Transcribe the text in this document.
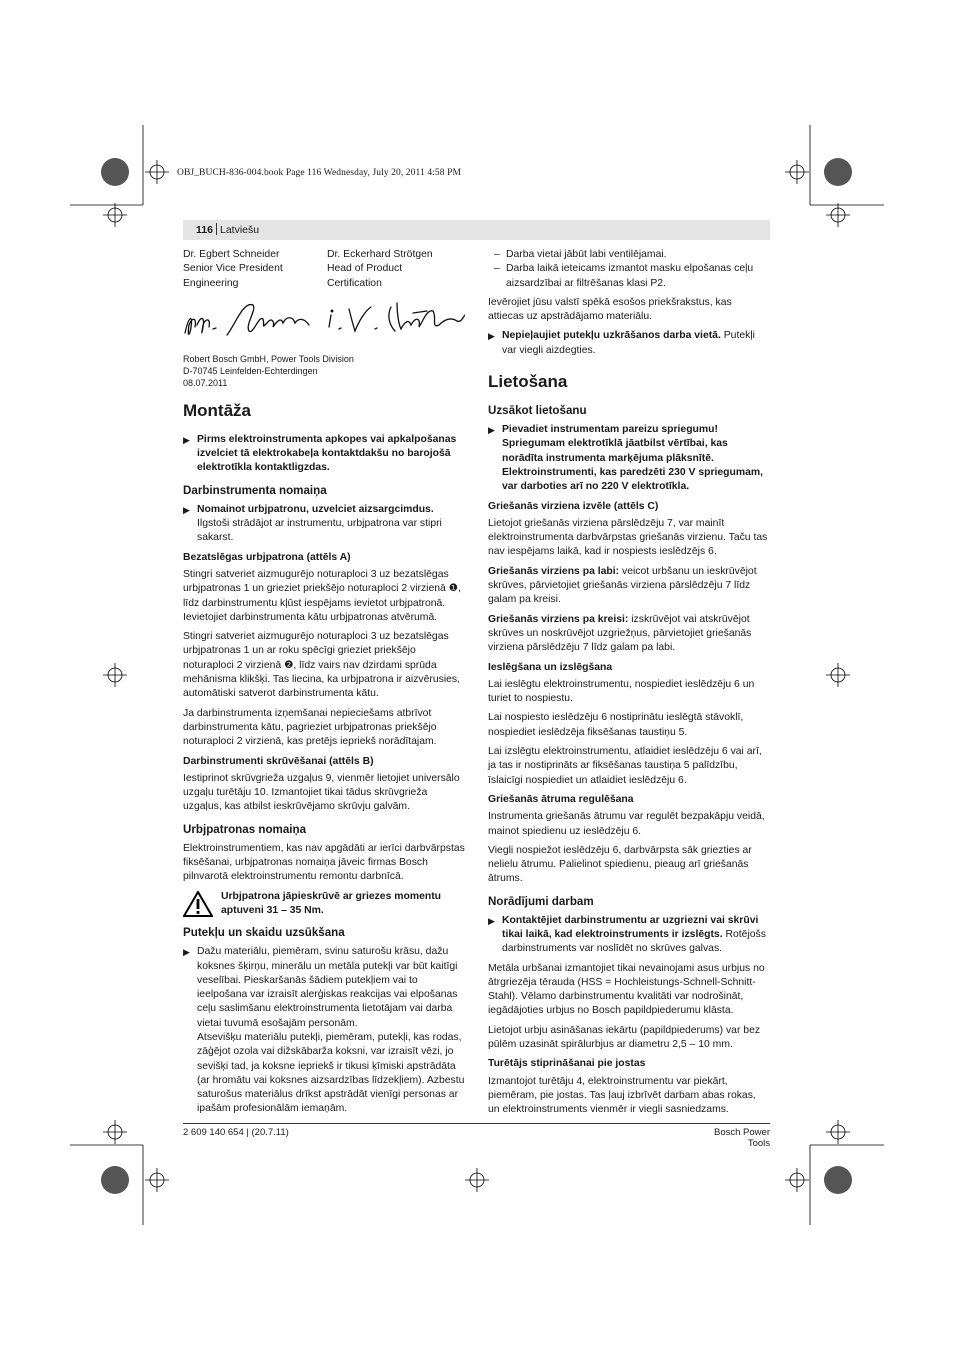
OBJ_BUCH-836-004.book Page 116 Wednesday, July 20, 2011 4:58 PM
116 Latviešu
Dr. Egbert Schneider
Senior Vice President
Engineering
Dr. Eckerhard Strötgen
Head of Product
Certification
Robert Bosch GmbH, Power Tools Division
D-70745 Leinfelden-Echterdingen
08.07.2011
Montāža
▶ Pirms elektroinstrumenta apkopes vai apkalpošanas izvelciet tā elektrokabeļa kontaktdakšu no barojošā elektrotīkla kontaktligzdas.
Darbinstrumenta nomaiņa
▶ Nomainot urbjpatronu, uzvelciet aizsargcimdus. Ilgstoši strādājot ar instrumentu, urbjpatrona var stipri sakarst.
Bezatslēgas urbjpatrona (attēls A)

Stingri satveriet aizmugurējo noturaploci 3 uz bezatslēgas urbjpatronas 1 un grieziet priekšējo noturaploci 2 virzienā ❶, līdz darbinstrumentu kļūst iespējams ievietot urbjpatronā. Ievietojiet darbinstrumenta kātu urbjpatronas atvērumā.

Stingri satveriet aizmugurējo noturaploci 3 uz bezatslēgas urbjpatronas 1 un ar roku spēcīgi grieziet priekšējo noturaploci 2 virzienā ❷, līdz vairs nav dzirdami sprūda mehānisma klikšķi. Tas liecina, ka urbjpatrona ir aizvērusies, automātiski satverot darbinstrumenta kātu.

Ja darbinstrumenta izņemšanai nepieciešams atbrīvot darbinstrumenta kātu, pagrieziet urbjpatronas priekšējo noturaploci 2 virzienā, kas pretējs iepriekš norādītajam.

Darbinstrumenti skrūvēšanai (attēls B)

Iestiprinot skrūvgrieža uzgaļus 9, vienmēr lietojiet universālo uzgaļu turētāju 10. Izmantojiet tikai tādus skrūvgrieža uzgaļus, kas atbilst ieskrūvējamo skrūvju galvām.

Urbjpatronas nomaiņa

Elektroinstrumentiem, kas nav apgādāti ar ierīci darbvārpstas fiksēšanai, urbjpatronas nomaiņa jāveic firmas Bosch pilnvarotā elektroinstrumentu remontu darbnīcā.

Urbjpatrona jāpieskrūvē ar griezes momentu aptuveni 31 – 35 Nm.
Putekļu un skaidu uzsūkšana
▶ Dažu materiālu, piemēram, svinu saturošu krāsu, dažu koksnes šķirņu, minerālu un metāla putekļi var būt kaitīgi veselībai. Pieskaršanās šādiem putekļiem vai to ieelpošana var izraisīt alerģiskas reakcijas vai elpošanas ceļu saslimšanu elektroinstrumenta lietotājam vai darba vietai tuvumā esošajām personām.
Atsevišķu materiālu putekļi, piemēram, putekļi, kas rodas, zāģējot ozola vai dižskābarža koksni, var izraisīt vēzi, jo sevišķi tad, ja koksne iepriekš ir tikusi ķīmiski apstrādāta (ar hromātu vai koksnes aizsardzības līdzekļiem). Azbestu saturošus materiālus drīkst apstrādāt vienīgi personas ar ipašām profesionālām iemaņām.
– Darba vietai jābūt labi ventilējamai.
– Darba laikā ieteicams izmantot masku elpošanas ceļu aizsardzībai ar filtrēšanas klasi P2.

Ievērojiet jūsu valstī spēkā esošos priekšrakstus, kas attiecas uz apstrādājamo materiālu.

▶ Nepieļaujiet putekļu uzkrāšanos darba vietā. Putekļi var viegli aizdegties.
Lietošana
Uzsākot lietošanu
▶ Pievadiet instrumentam pareizu spriegumu! Spriegumam elektrotīklā jāatbilst vērtībai, kas norādīta instrumenta marķējuma plāksnītē. Elektroinstrumenti, kas paredzēti 230 V spriegumam, var darboties arī no 220 V elektrotīkla.
Griešanās virziena izvēle (attēls C)

Lietojot griešanās virziena pārslēdzēju 7, var mainīt elektroinstrumenta darbvārpstas griešanās virzienu. Taču tas nav iespējams laikā, kad ir nospiests ieslēdzējs 6.

Griešanās virziens pa labi: veicot urbšanu un ieskrūvējot skrūves, pārvietojiet griešanās virziena pārslēdzēju 7 līdz galam pa kreisi.

Griešanās virziens pa kreisi: izskrūvējot vai atskrūvējot skrūves un noskrūvējot uzgriežņus, pārvietojiet griešanās virziena pārslēdzēju 7 līdz galam pa labi.

Ieslēgšana un izslēgšana

Lai ieslēgtu elektroinstrumentu, nospiediet ieslēdzēju 6 un turiet to nospiestu.

Lai nospiesto ieslēdzēju 6 nostiprinātu ieslēgtā stāvoklī, nospiediet ieslēdzēja fiksēšanas taustiņu 5.

Lai izslēgtu elektroinstrumentu, atlaidiet ieslēdzēju 6 vai arī, ja tas ir nostiprināts ar fiksēšanas taustiņa 5 palīdzību, īslaicīgi nospiediet un atlaidiet ieslēdzēju 6.

Griešanās ātruma regulēšana

Instrumenta griešanās ātrumu var regulēt bezpakāpju veidā, mainot spiedienu uz ieslēdzēju 6.

Viegli nospiežot ieslēdzēju 6, darbvārpsta sāk griezties ar nelielu ātrumu. Palielinot spiedienu, pieaug arī griešanās ātrums.

Norādījumi darbam
▶ Kontaktējiet darbinstrumentu ar uzgriezni vai skrūvi tikai laikā, kad elektroinstruments ir izslēgts. Rotējošs darbinstruments var noslīdēt no skrūves galvas.

Metāla urbšanai izmantojiet tikai nevainojami asus urbjus no ātrgriezēja tērauda (HSS = Hochleistungs-Schnell-Schnitt-Stahl). Vēlamo darbinstrumentu kvalitāti var nodrošināt, iegādājoties urbjus no Bosch papildpiederumu klāsta.

Lietojot urbju asināšanas iekārtu (papildpiederums) var bez pūlēm uzasināt spirālurbjus ar diametru 2,5 – 10 mm.

Turētājs stiprināšanai pie jostas

Izmantojot turētāju 4, elektroinstrumentu var piekārt, piemēram, pie jostas. Tas ļauj izbrīvēt darbam abas rokas, un elektroinstruments vienmēr ir viegli sasniedzams.

2 609 140 654 | (20.7.11)	Bosch Power Tools
